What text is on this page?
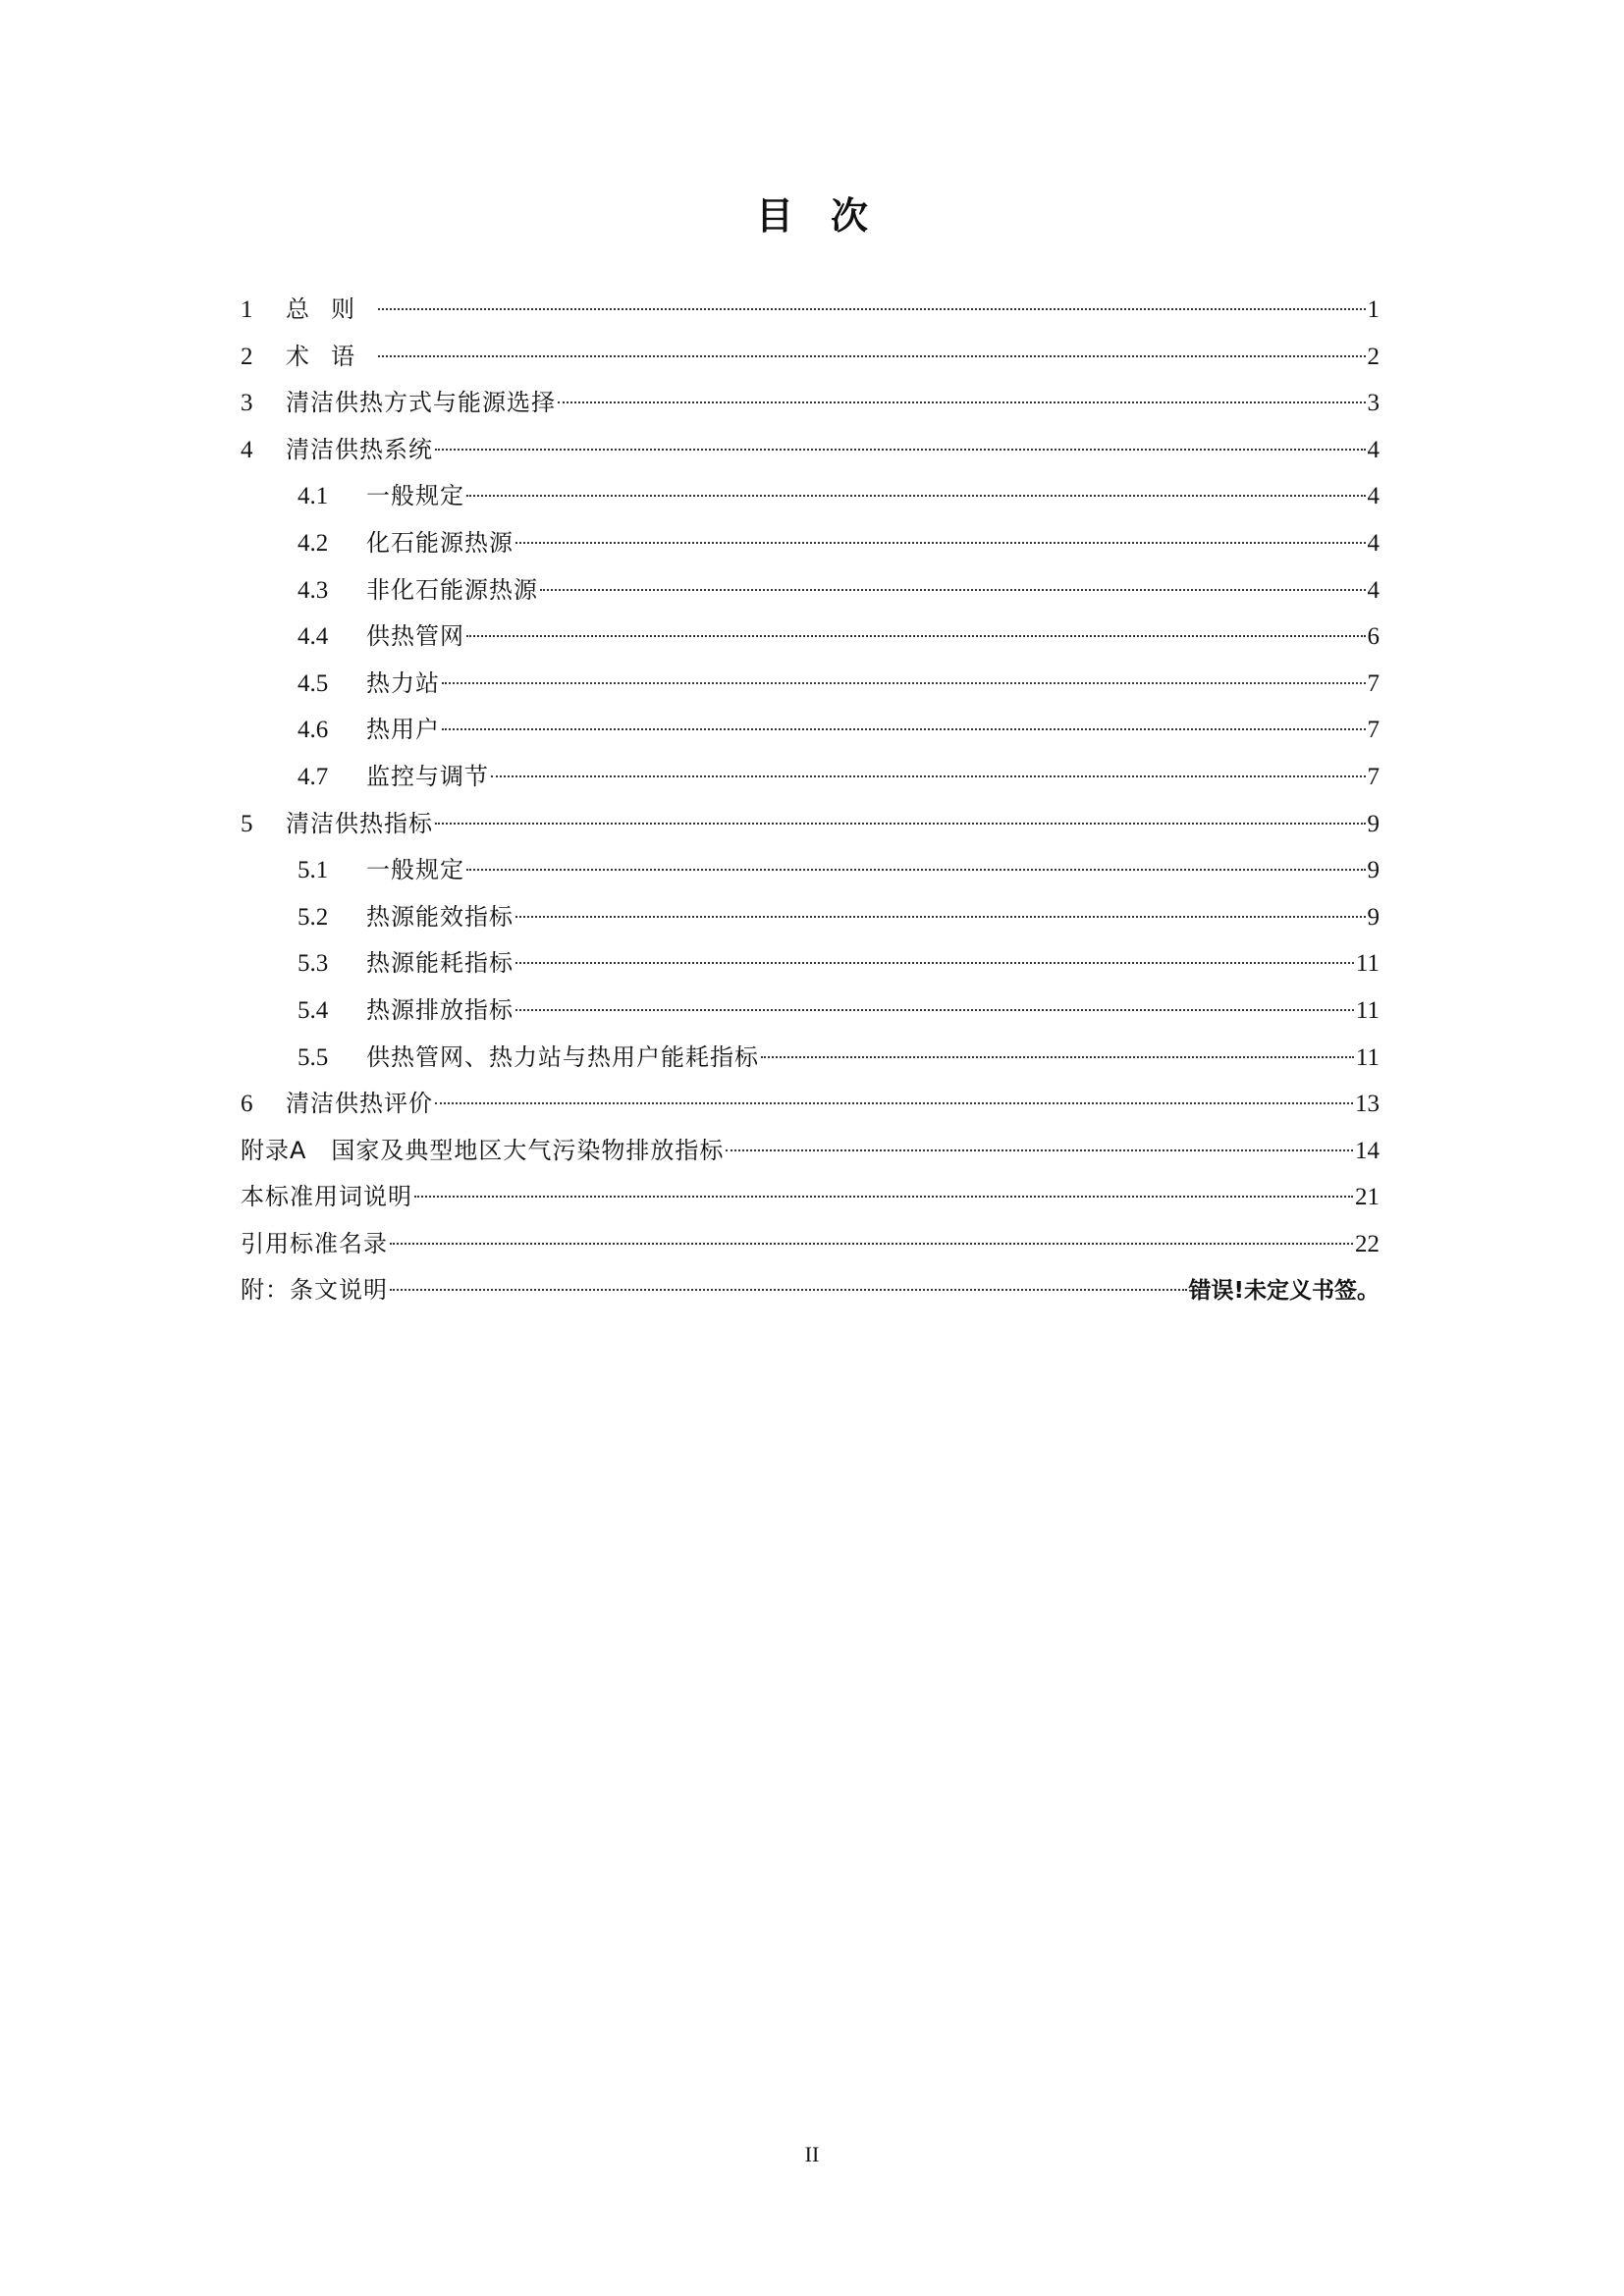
目次
1	总则	1
2	术语	2
3	清洁供热方式与能源选择	3
4	清洁供热系统	4
4.1	一般规定	4
4.2	化石能源热源	4
4.3	非化石能源热源	4
4.4	供热管网	6
4.5	热力站	7
4.6	热用户	7
4.7	监控与调节	7
5	清洁供热指标	9
5.1	一般规定	9
5.2	热源能效指标	9
5.3	热源能耗指标	11
5.4	热源排放指标	11
5.5	供热管网、热力站与热用户能耗指标	11
6	清洁供热评价	13
附录A　国家及典型地区大气污染物排放指标	14
本标准用词说明	21
引用标准名录	22
附：条文说明	错误!未定义书签。
II
